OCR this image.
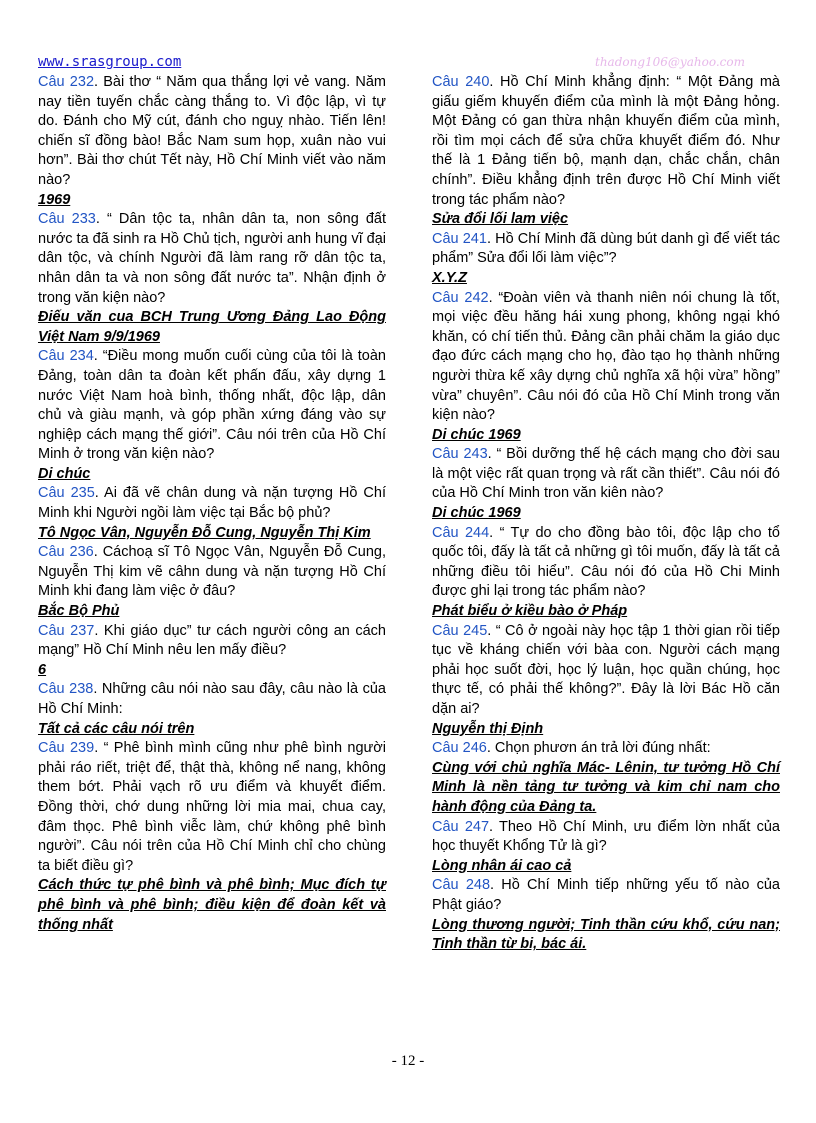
www.srasgroup.com	thadong106@yahoo.com

Câu 232. Bài thơ “ Năm qua thắng lợi vẻ vang. Năm nay tiền tuyến chắc càng thắng to. Vì độc lập, vì tự do. Đánh cho Mỹ cút, đánh cho nguỵ nhào. Tiến lên! chiến sĩ đồng bào! Bắc Nam sum họp, xuân nào vui hơn”. Bài thơ chút Tết này, Hồ Chí Minh viết vào năm nào?

1969

Câu 233. “ Dân tộc ta, nhân dân ta, non sông đất nước ta đã sinh ra Hồ Chủ tịch, người anh hung vĩ đại dân tộc, và chính Người đã làm rang rỡ dân tộc ta, nhân dân ta và non sông đất nước ta”. Nhận định ở trong văn kiện nào?

Điếu văn cua BCH Trung Ương Đảng Lao Động Việt Nam 9/9/1969

Câu 234. “Điều mong muốn cuối cùng của tôi là toàn Đảng, toàn dân ta đoàn kết phấn đấu, xây dựng 1 nước Việt Nam hoà bình, thống nhất, độc lập, dân chủ và giàu mạnh, và góp phần xứng đáng vào sự nghiệp cách mạng thế giới”. Câu nói trên của Hồ Chí Minh ở trong văn kiện nào?

Di chúc

Câu 235. Ai đã vẽ chân dung và nặn tượng Hồ Chí Minh khi Người ngồi làm việc tại Bắc bộ phủ?

Tô Ngọc Vân, Nguyễn Đỗ Cung, Nguyễn Thị Kim

Câu 236. Cáchoạ sĩ Tô Ngọc Vân, Nguyễn Đỗ Cung, Nguyễn Thị kim vẽ câhn dung và nặn tượng Hồ Chí Minh khi đang làm việc ở đâu?

Bắc Bộ Phủ

Câu 237. Khi giáo dục” tư cách người công an cách mạng” Hồ Chí Minh nêu len mấy điều?

6

Câu 238. Những câu nói nào sau đây, câu nào là của Hồ Chí Minh:

Tất cả các câu nói trên

Câu 239. “ Phê bình mình cũng như phê bình người phải ráo riết, triệt để, thật thà, không nể nang, không them bớt. Phải vạch rõ ưu điểm và khuyết điểm. Đồng thời, chớ dung những lời mia mai, chua cay, đâm thọc. Phê bình viễc làm, chứ không phê bình người”. Câu nói trên của Hồ Chí Minh chỉ cho chùng ta biết điều gì?

Cách thức tự phê bình và phê bình; Mục đích tự phê bình và phê bình; điều kiện để đoàn kết và thống nhất

Câu 240. Hồ Chí Minh khẳng định: “ Một Đảng mà giấu giếm khuyến điểm của mình là một Đảng hỏng. Một Đảng có gan thừa nhận khuyến điểm của mình, rồi tìm mọi cách để sửa chữa khuyết điểm đó. Như thế là 1 Đảng tiến bộ, mạnh dạn, chắc chắn, chân chính”. Điều khẳng định trên được Hồ Chí Minh viết trong tác phẩm nào?

Sửa đổi lối lam việc

Câu 241. Hồ Chí Minh đã dùng bút danh gì để viết tác phẩm” Sửa đổi lối làm việc”?

X.Y.Z

Câu 242. “Đoàn viên và thanh niên nói chung là tốt, mọi việc đều hăng hái xung phong, không ngại khó khăn, có chí tiến thủ. Đảng cần phải chăm la giáo dục đạo đức cách mạng cho họ, đào tạo họ thành những người thừa kế xây dựng chủ nghĩa xã hội vừa” hồng” vừa” chuyên”. Câu nói đó của Hồ Chí Minh trong văn kiện nào?

Di chúc 1969

Câu 243. “ Bồi dưỡng thế hệ cách mạng cho đời sau là một việc rất quan trọng và rất cần thiết”. Câu nói đó của Hồ Chí Minh tron văn kiên nào?

Di chúc 1969

Câu 244. “ Tự do cho đồng bào tôi, độc lập cho tổ quốc tôi, đấy là tất cả những gì tôi muốn, đấy là tất cả những điều tôi hiểu”. Câu nói đó của Hồ Chi Minh được ghi lại trong tác phẩm nào?

Phát biểu ở kiều bào ở Pháp

Câu 245. “ Cô ở ngoài này học tập 1 thời gian rồi tiếp tục về kháng chiến với bàa con. Người cách mạng phải học suốt đời, học lý luận, học quần chúng, học thực tế, có phải thế không?”. Đây là lời Bác Hồ căn dặn ai?

Nguyễn thị Định

Câu 246. Chọn phươn án trả lời đúng nhất:

Cùng với chủ nghĩa Mác- Lênin, tư tưởng Hồ Chí Minh là nền tảng tư tưởng và kim chỉ nam cho hành động của Đảng ta.

Câu 247. Theo Hồ Chí Minh, ưu điểm lờn nhất của học thuyết Khổng Tử là gì?

Lòng nhân ái cao cả

Câu 248. Hồ Chí Minh tiếp những yếu tố nào của Phật giáo?

Lòng thương người; Tinh thần cứu khổ, cứu nan; Tinh thần từ bi, bác ái.

- 12 -
